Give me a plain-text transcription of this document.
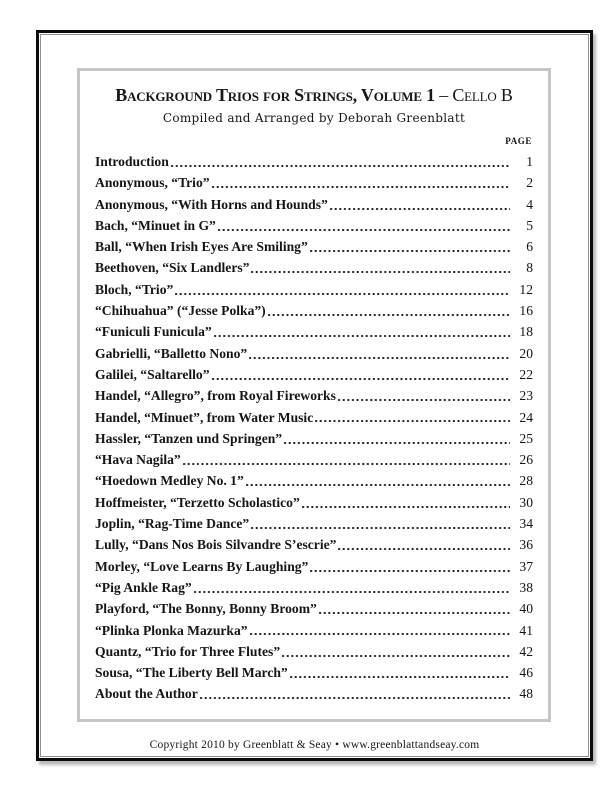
Background Trios for Strings, Volume 1 – Cello B
Compiled and Arranged by Deborah Greenblatt
PAGE
Introduction	1
Anonymous, “Trio”	2
Anonymous, “With Horns and Hounds”	4
Bach, “Minuet in G”	5
Ball, “When Irish Eyes Are Smiling”	6
Beethoven, “Six Landlers”	8
Bloch, “Trio”	12
“Chihuahua” (“Jesse Polka”)	16
“Funiculi Funicula”	18
Gabrielli, “Balletto Nono”	20
Galilei, “Saltarello”	22
Handel, “Allegro”, from Royal Fireworks	23
Handel, “Minuet”, from Water Music	24
Hassler, “Tanzen und Springen”	25
“Hava Nagila”	26
“Hoedown Medley No. 1”	28
Hoffmeister, “Terzetto Scholastico”	30
Joplin, “Rag-Time Dance”	34
Lully, “Dans Nos Bois Silvandre S’escrie”	36
Morley, “Love Learns By Laughing”	37
“Pig Ankle Rag”	38
Playford, “The Bonny, Bonny Broom”	40
“Plinka Plonka Mazurka”	41
Quantz, “Trio for Three Flutes”	42
Sousa, “The Liberty Bell March”	46
About the Author	48
Copyright 2010 by Greenblatt & Seay • www.greenblattandseay.com
